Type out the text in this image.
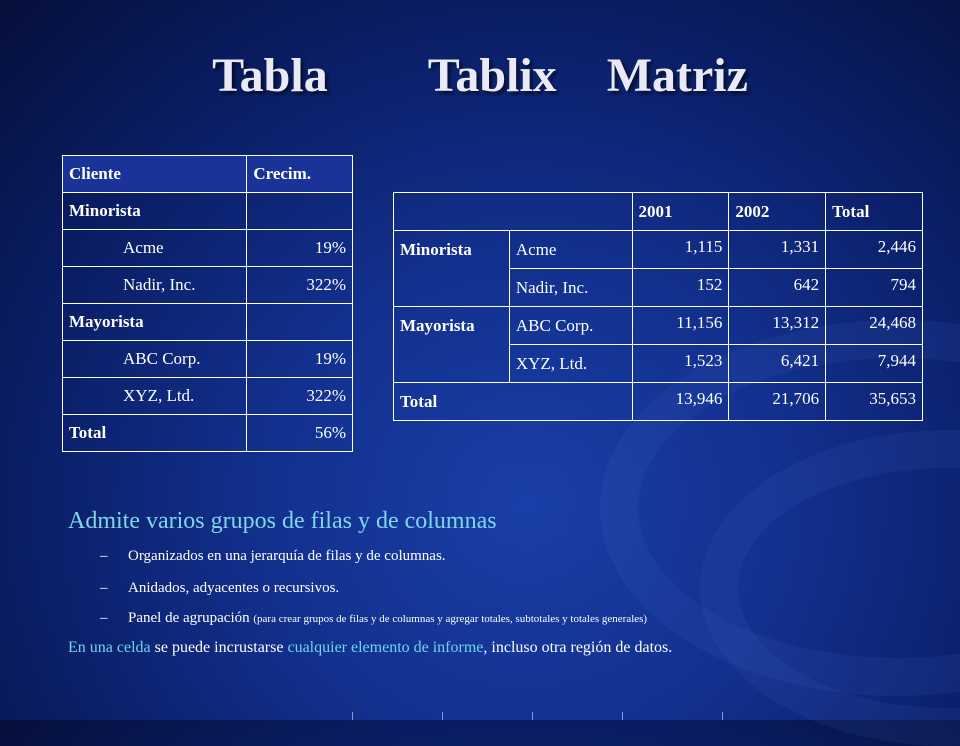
Tabla Tablix Matriz
Cliente	Crecim.
Minorista	
Acme	19%
Nadir, Inc.	322%
Mayorista	
ABC Corp.	19%
XYZ, Ltd.	322%
Total	56%
		2001	2002	Total
Minorista	Acme	1,115	1,331	2,446
	Nadir, Inc.	152	642	794
Mayorista	ABC Corp.	11,156	13,312	24,468
	XYZ, Ltd.	1,523	6,421	7,944
Total		13,946	21,706	35,653
Admite varios grupos de filas y de columnas
– Organizados en una jerarquía de filas y de columnas.
– Anidados, adyacentes o recursivos.
– Panel de agrupación (para crear grupos de filas y de columnas y agregar totales, subtotales y totales generales)
En una celda se puede incrustarse cualquier elemento de informe, incluso otra región de datos.
